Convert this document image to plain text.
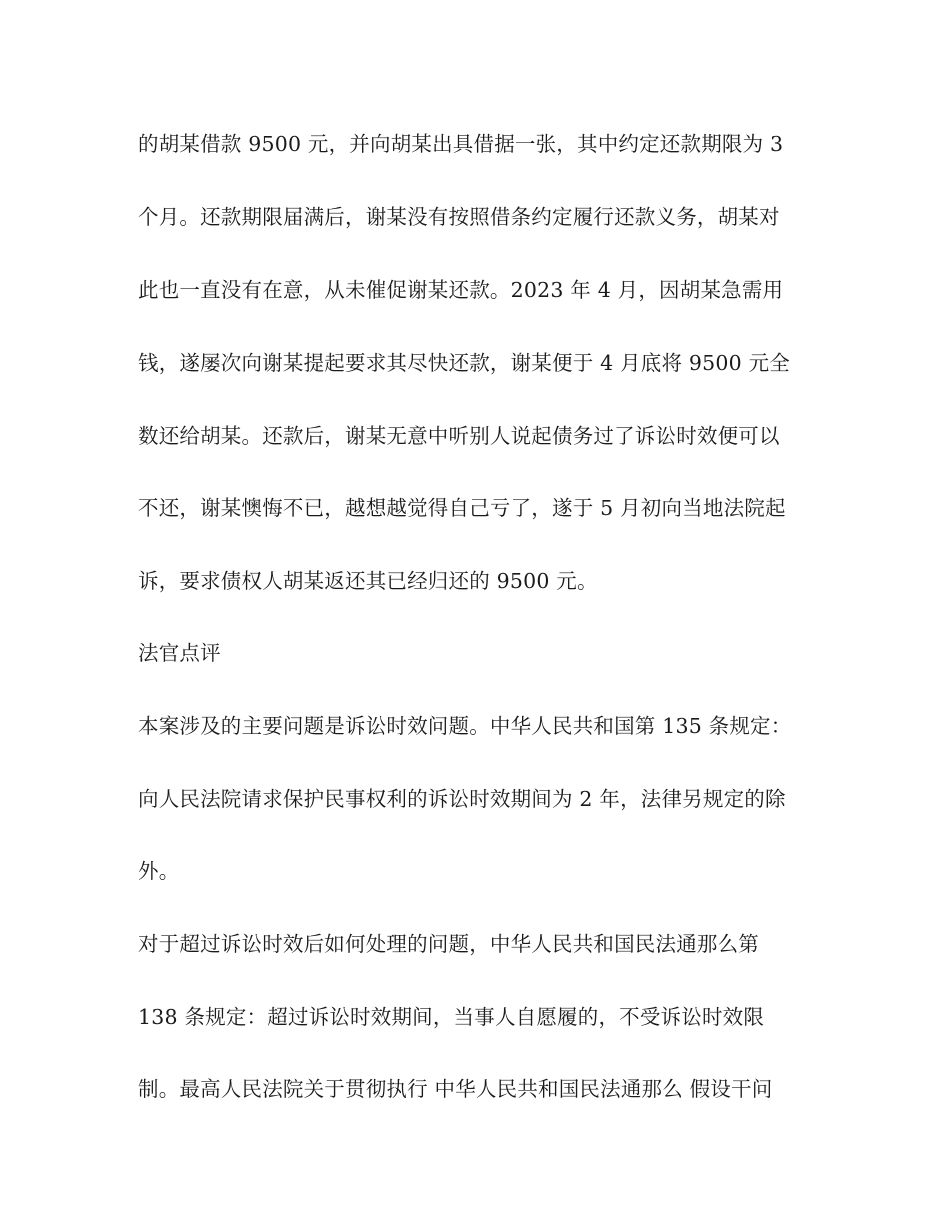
的胡某借款 9500 元，并向胡某出具借据一张，其中约定还款期限为 3
个月。还款期限届满后，谢某没有按照借条约定履行还款义务，胡某对
此也一直没有在意，从未催促谢某还款。2023 年 4 月，因胡某急需用
钱，遂屡次向谢某提起要求其尽快还款，谢某便于 4 月底将 9500 元全
数还给胡某。还款后，谢某无意中听别人说起债务过了诉讼时效便可以
不还，谢某懊悔不已，越想越觉得自己亏了，遂于 5 月初向当地法院起
诉，要求债权人胡某返还其已经归还的 9500 元。
法官点评
本案涉及的主要问题是诉讼时效问题。中华人民共和国第 135 条规定：
向人民法院请求保护民事权利的诉讼时效期间为 2 年，法律另规定的除
外。
对于超过诉讼时效后如何处理的问题，中华人民共和国民法通那么第
138 条规定：超过诉讼时效期间，当事人自愿履的，不受诉讼时效限
制。最高人民法院关于贯彻执行 中华人民共和国民法通那么 假设干问
